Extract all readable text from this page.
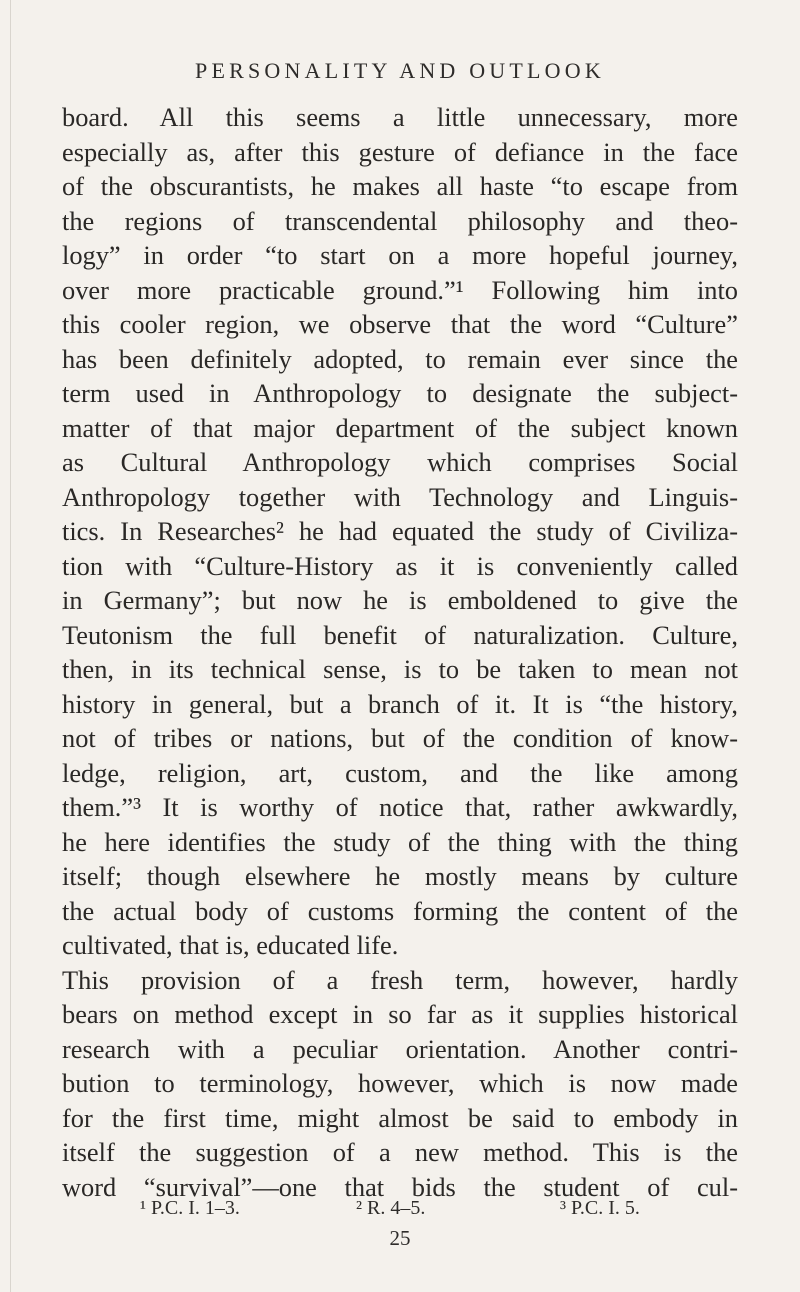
PERSONALITY AND OUTLOOK
board. All this seems a little unnecessary, more
especially as, after this gesture of defiance in the face
of the obscurantists, he makes all haste “to escape from
the regions of transcendental philosophy and theo-
logy” in order “to start on a more hopeful journey,
over more practicable ground.”¹ Following him into
this cooler region, we observe that the word “Culture”
has been definitely adopted, to remain ever since the
term used in Anthropology to designate the subject-
matter of that major department of the subject known
as Cultural Anthropology which comprises Social
Anthropology together with Technology and Linguis-
tics. In Researches² he had equated the study of Civiliza-
tion with “Culture-History as it is conveniently called
in Germany”; but now he is emboldened to give the
Teutonism the full benefit of naturalization. Culture,
then, in its technical sense, is to be taken to mean not
history in general, but a branch of it. It is “the history,
not of tribes or nations, but of the condition of know-
ledge, religion, art, custom, and the like among
them.”³ It is worthy of notice that, rather awkwardly,
he here identifies the study of the thing with the thing
itself; though elsewhere he mostly means by culture
the actual body of customs forming the content of the
cultivated, that is, educated life.
This provision of a fresh term, however, hardly
bears on method except in so far as it supplies historical
research with a peculiar orientation. Another contri-
bution to terminology, however, which is now made
for the first time, might almost be said to embody in
itself the suggestion of a new method. This is the
word “survival”—one that bids the student of cul-
¹ P.C. I. 1–3.	² R. 4–5.	³ P.C. I. 5.
25
